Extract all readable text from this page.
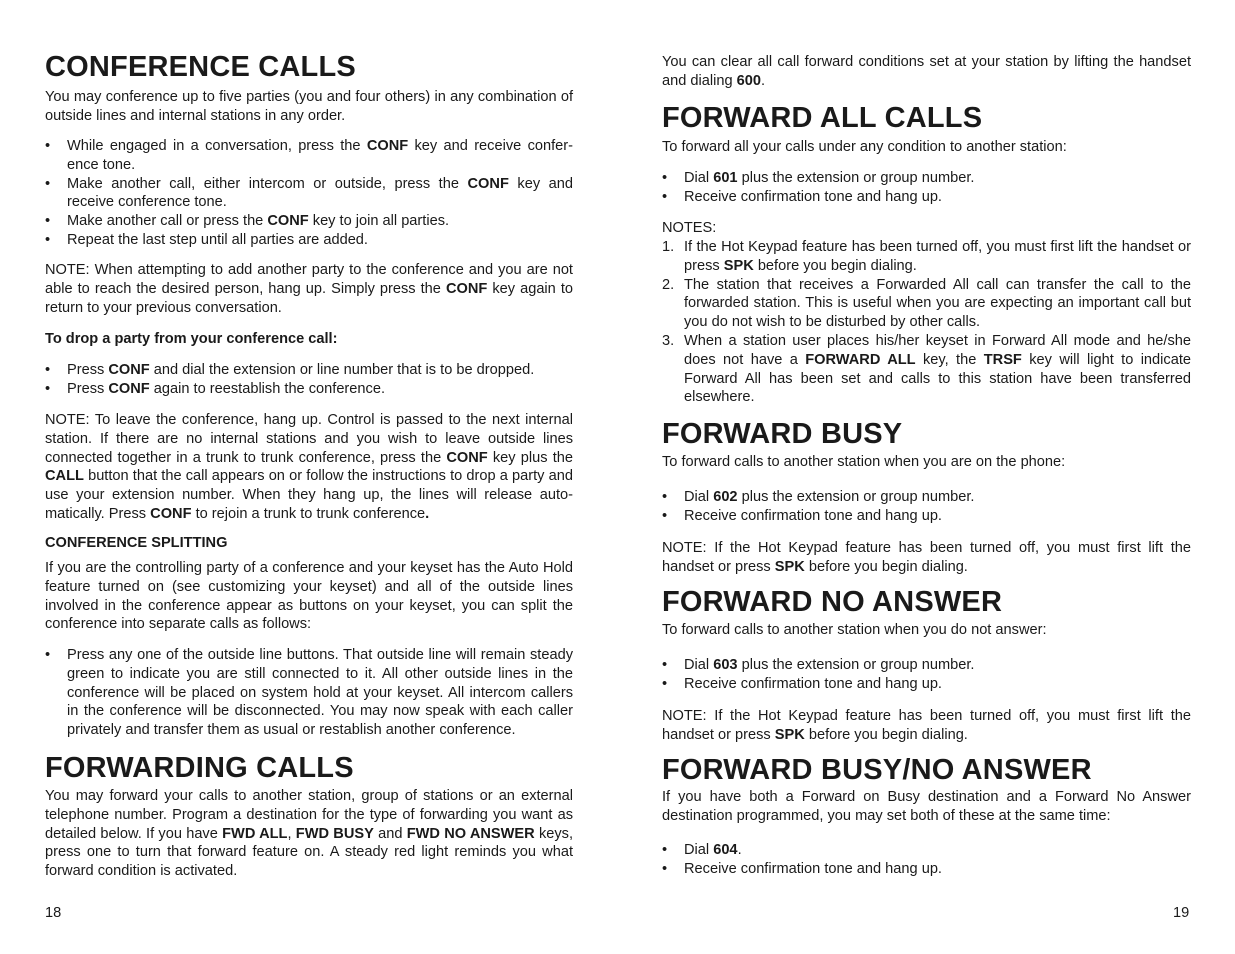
CONFERENCE CALLS

You may conference up to five parties (you and four others) in any combination of outside lines and internal stations in any order.

• While engaged in a conversation, press the CONF key and receive conference tone.
• Make another call, either intercom or outside, press the CONF key and receive conference tone.
• Make another call or press the CONF key to join all parties.
• Repeat the last step until all parties are added.

NOTE: When attempting to add another party to the conference and you are not able to reach the desired person, hang up. Simply press the CONF key again to return to your previous conversation.

To drop a party from your conference call:

• Press CONF and dial the extension or line number that is to be dropped.
• Press CONF again to reestablish the conference.

NOTE: To leave the conference, hang up. Control is passed to the next internal station. If there are no internal stations and you wish to leave outside lines connected together in a trunk to trunk conference, press the CONF key plus the CALL button that the call appears on or follow the instructions to drop a party and use your extension number. When they hang up, the lines will release automatically. Press CONF to rejoin a trunk to trunk conference.

CONFERENCE SPLITTING

If you are the controlling party of a conference and your keyset has the Auto Hold feature turned on (see customizing your keyset) and all of the outside lines involved in the conference appear as buttons on your keyset, you can split the conference into separate calls as follows:

• Press any one of the outside line buttons. That outside line will remain steady green to indicate you are still connected to it. All other outside lines in the conference will be placed on system hold at your keyset. All intercom callers in the conference will be disconnected. You may now speak with each caller privately and transfer them as usual or restablish another conference.
FORWARDING CALLS

You may forward your calls to another station, group of stations or an external telephone number. Program a destination for the type of forwarding you want as detailed below. If you have FWD ALL, FWD BUSY and FWD NO ANSWER keys, press one to turn that forward feature on. A steady red light reminds you what forward condition is activated.

18

You can clear all call forward conditions set at your station by lifting the handset and dialing 600.

FORWARD ALL CALLS

To forward all your calls under any condition to another station:

• Dial 601 plus the extension or group number.
• Receive confirmation tone and hang up.

NOTES:

1. If the Hot Keypad feature has been turned off, you must first lift the handset or press SPK before you begin dialing.
2. The station that receives a Forwarded All call can transfer the call to the forwarded station. This is useful when you are expecting an important call but you do not wish to be disturbed by other calls.
3. When a station user places his/her keyset in Forward All mode and he/she does not have a FORWARD ALL key, the TRSF key will light to indicate Forward All has been set and calls to this station have been transferred elsewhere.
FORWARD BUSY

To forward calls to another station when you are on the phone:

• Dial 602 plus the extension or group number.
• Receive confirmation tone and hang up.

NOTE: If the Hot Keypad feature has been turned off, you must first lift the handset or press SPK before you begin dialing.

FORWARD NO ANSWER

To forward calls to another station when you do not answer:

• Dial 603 plus the extension or group number.
• Receive confirmation tone and hang up.

NOTE: If the Hot Keypad feature has been turned off, you must first lift the handset or press SPK before you begin dialing.

FORWARD BUSY/NO ANSWER

If you have both a Forward on Busy destination and a Forward No Answer destination programmed, you may set both of these at the same time:

• Dial 604.
• Receive confirmation tone and hang up.
19
